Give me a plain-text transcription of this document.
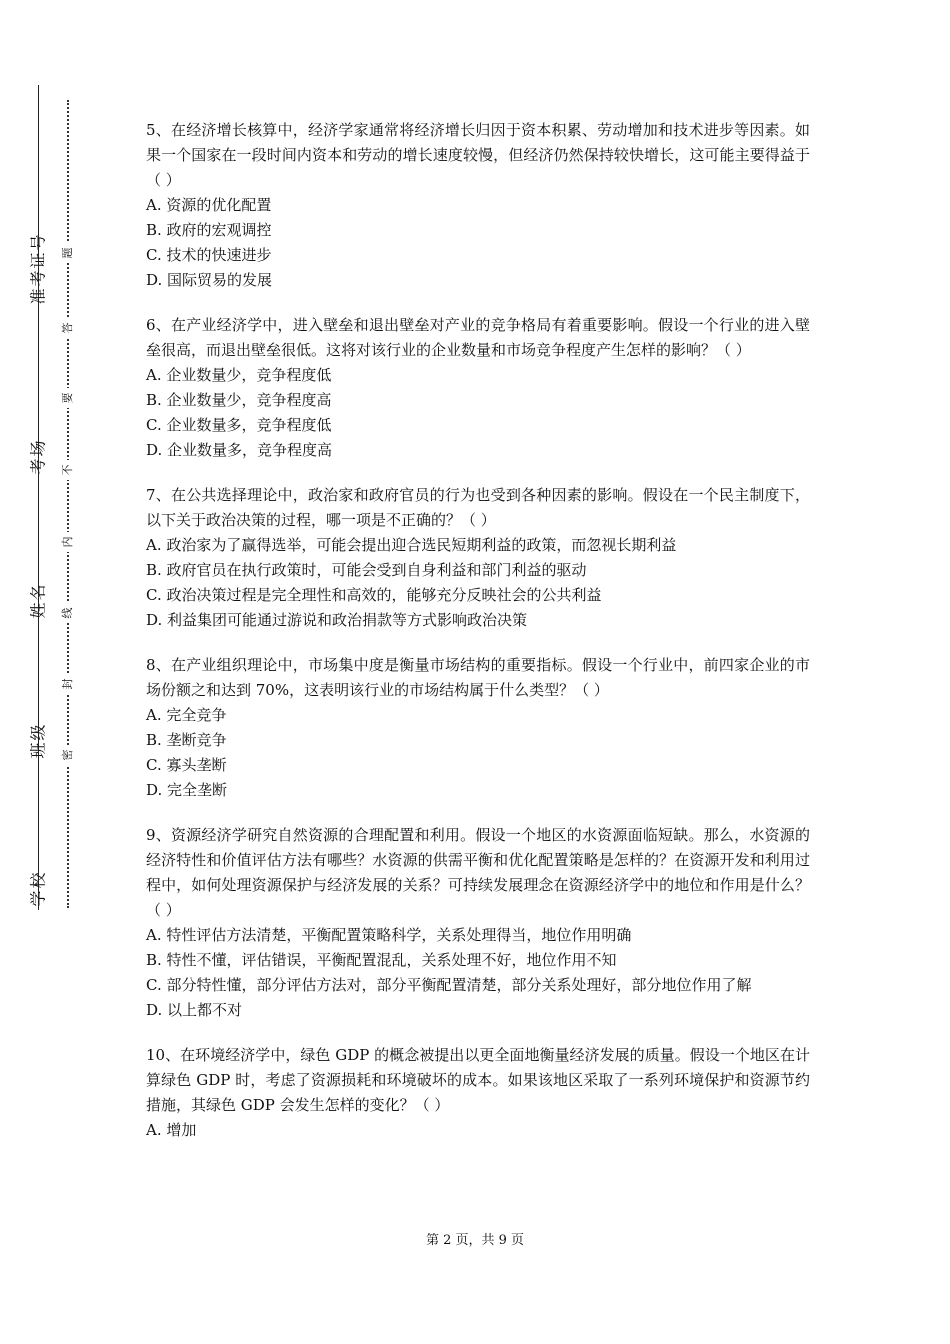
准考证号
考场
姓名
班级
学校
题
答
要
不
内
线
封
密
5、在经济增长核算中，经济学家通常将经济增长归因于资本积累、劳动增加和技术进步等因素。如果一个国家在一段时间内资本和劳动的增长速度较慢，但经济仍然保持较快增长，这可能主要得益于（ ）
A. 资源的优化配置
B. 政府的宏观调控
C. 技术的快速进步
D. 国际贸易的发展
6、在产业经济学中，进入壁垒和退出壁垒对产业的竞争格局有着重要影响。假设一个行业的进入壁垒很高，而退出壁垒很低。这将对该行业的企业数量和市场竞争程度产生怎样的影响？（ ）
A. 企业数量少，竞争程度低
B. 企业数量少，竞争程度高
C. 企业数量多，竞争程度低
D. 企业数量多，竞争程度高
7、在公共选择理论中，政治家和政府官员的行为也受到各种因素的影响。假设在一个民主制度下，以下关于政治决策的过程，哪一项是不正确的？（ ）
A. 政治家为了赢得选举，可能会提出迎合选民短期利益的政策，而忽视长期利益
B. 政府官员在执行政策时，可能会受到自身利益和部门利益的驱动
C. 政治决策过程是完全理性和高效的，能够充分反映社会的公共利益
D. 利益集团可能通过游说和政治捐款等方式影响政治决策
8、在产业组织理论中，市场集中度是衡量市场结构的重要指标。假设一个行业中，前四家企业的市场份额之和达到 70%，这表明该行业的市场结构属于什么类型？（ ）
A. 完全竞争
B. 垄断竞争
C. 寡头垄断
D. 完全垄断
9、资源经济学研究自然资源的合理配置和利用。假设一个地区的水资源面临短缺。那么，水资源的经济特性和价值评估方法有哪些？水资源的供需平衡和优化配置策略是怎样的？在资源开发和利用过程中，如何处理资源保护与经济发展的关系？可持续发展理念在资源经济学中的地位和作用是什么？（ ）
A. 特性评估方法清楚，平衡配置策略科学，关系处理得当，地位作用明确
B. 特性不懂，评估错误，平衡配置混乱，关系处理不好，地位作用不知
C. 部分特性懂，部分评估方法对，部分平衡配置清楚，部分关系处理好，部分地位作用了解
D. 以上都不对
10、在环境经济学中，绿色 GDP 的概念被提出以更全面地衡量经济发展的质量。假设一个地区在计算绿色 GDP 时，考虑了资源损耗和环境破坏的成本。如果该地区采取了一系列环境保护和资源节约措施，其绿色 GDP 会发生怎样的变化？（ ）
A. 增加
第 2 页，共 9 页
